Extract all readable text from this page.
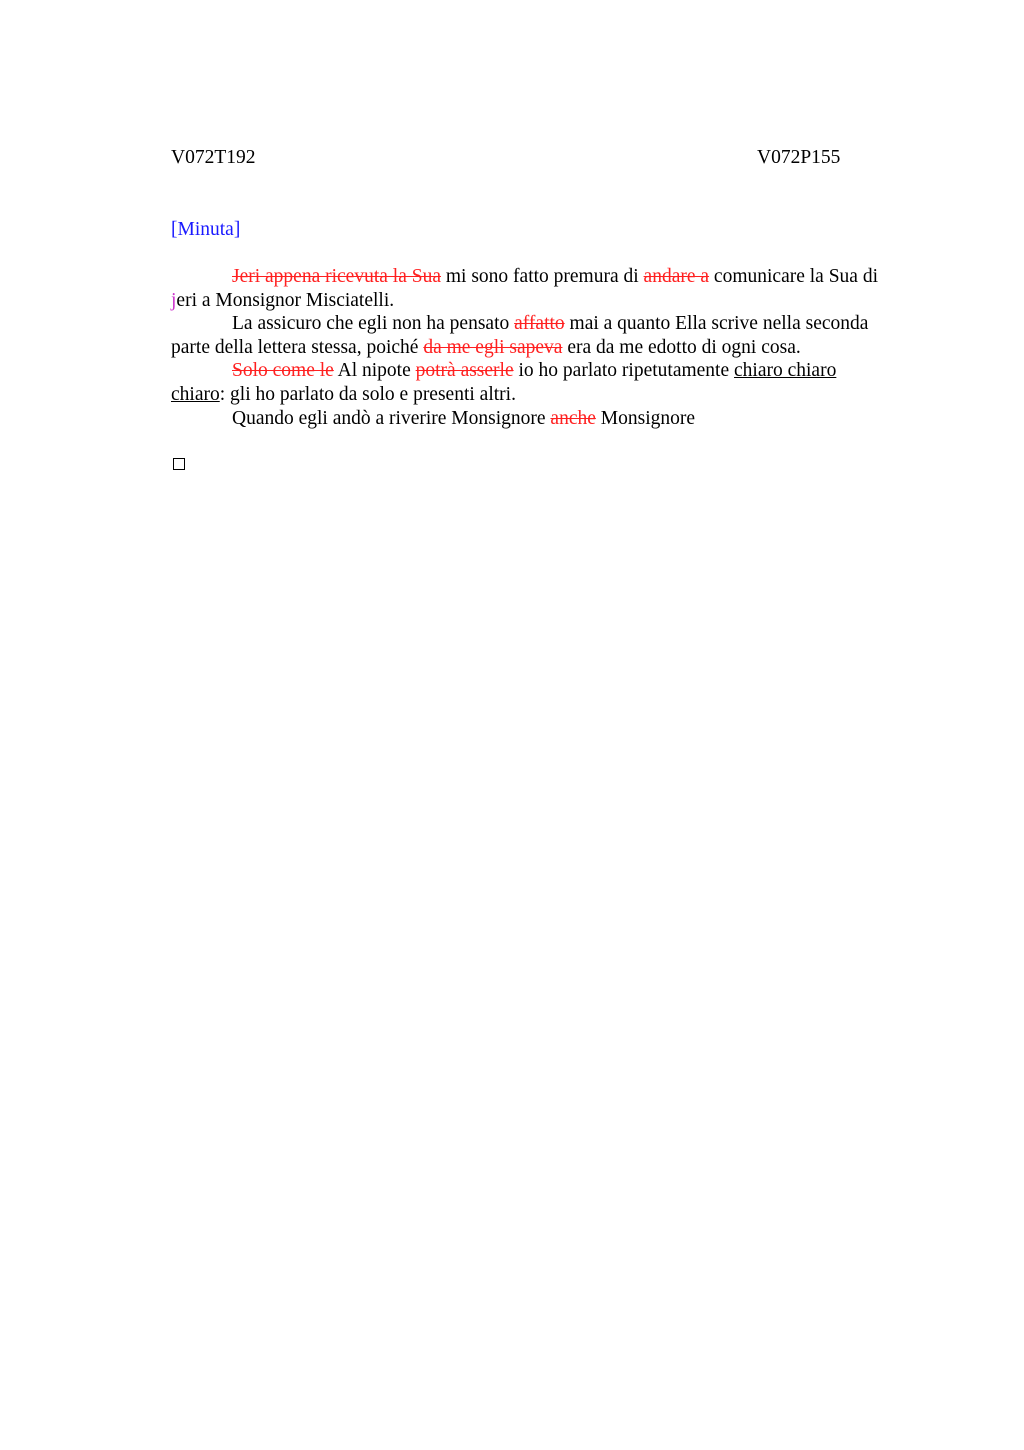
V072T192	V072P155
[Minuta]
Jeri appena ricevuta la Sua mi sono fatto premura di andare a comunicare la Sua di
jeri a Monsignor Misciatelli.
La assicuro che egli non ha pensato affatto mai a quanto Ella scrive nella seconda
parte della lettera stessa, poiché da me egli sapeva era da me edotto di ogni cosa.
Solo come le Al nipote potrà asserle io ho parlato ripetutamente chiaro chiaro
chiaro: gli ho parlato da solo e presenti altri.
Quando egli andò a riverire Monsignore anche Monsignore
